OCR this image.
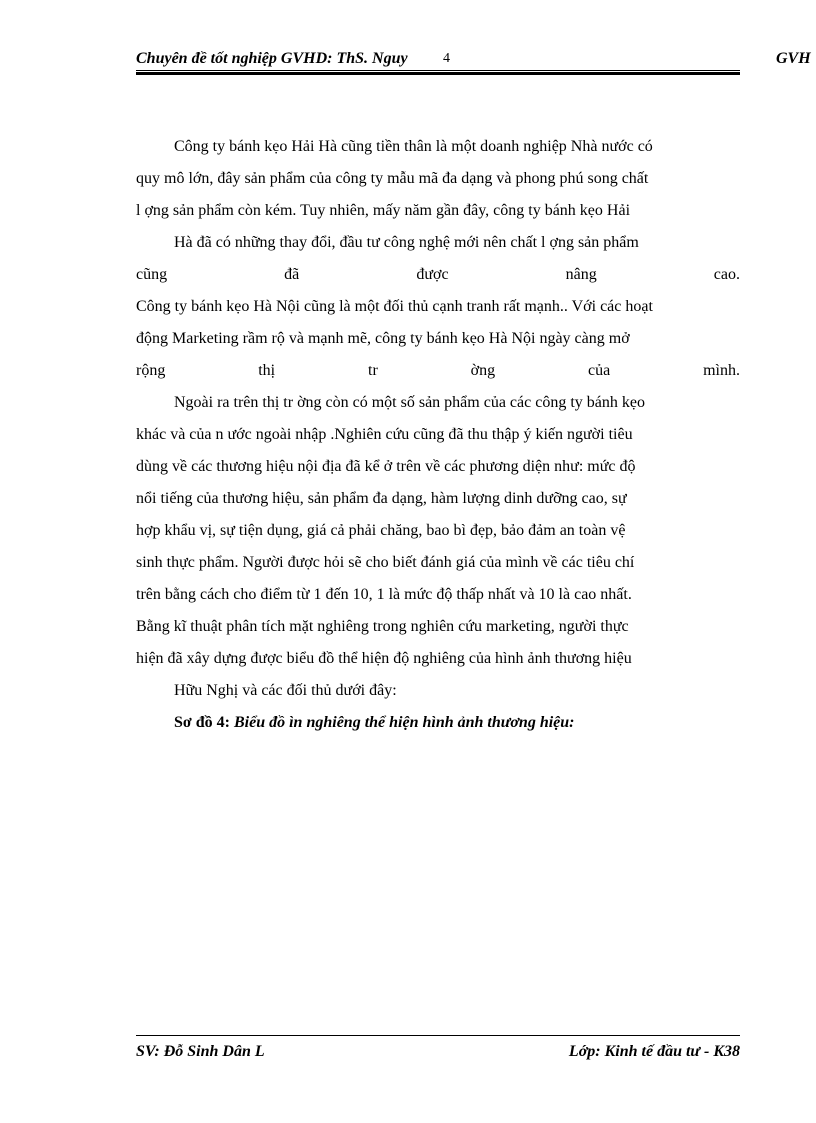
Chuyên đề tốt nghiệp GVHD: ThS. Nguy	4	GVH
Công ty bánh kẹo Hải Hà cũng tiền thân là một doanh nghiệp Nhà nước có
quy mô lớn, đây sản phẩm của công ty mẫu mã đa dạng và phong phú song chất
l ợng sản phẩm còn kém. Tuy nhiên, mấy năm gần đây, công ty bánh kẹo Hải
Hà đã có những thay đổi, đầu tư công nghệ mới nên chất l ợng sản phẩm
cũng đã được nâng cao.
Công ty bánh kẹo Hà Nội cũng là một đối thủ cạnh tranh rất mạnh.. Với các hoạt
động Marketing rầm rộ và mạnh mẽ, công ty bánh kẹo Hà Nội ngày càng mở
rộng thị tr ờng của mình.
Ngoài ra trên thị tr ờng còn có một số sản phẩm của các công ty bánh kẹo
khác và của n ước ngoài nhập .Nghiên cứu cũng đã thu thập ý kiến người tiêu
dùng về các thương hiệu nội địa đã kể ở trên về các phương diện như: mức độ
nổi tiếng của thương hiệu, sản phẩm đa dạng, hàm lượng dinh dưỡng cao, sự
hợp khẩu vị, sự tiện dụng, giá cả phải chăng, bao bì đẹp, bảo đảm an toàn vệ
sinh thực phẩm. Người được hỏi sẽ cho biết đánh giá của mình về các tiêu chí
trên bằng cách cho điểm từ 1 đến 10, 1 là mức độ thấp nhất và 10 là cao nhất.
Bằng kĩ thuật phân tích mặt nghiêng trong nghiên cứu marketing, người thực
hiện đã xây dựng được biểu đồ thể hiện độ nghiêng của hình ảnh thương hiệu
Hữu Nghị và các đối thủ dưới đây:
Sơ đồ 4: Biểu đồ ìn nghiêng thể hiện hình ảnh thương hiệu:
SV: Đỗ Sinh Dân L	Lớp: Kinh tế đầu tư - K38
